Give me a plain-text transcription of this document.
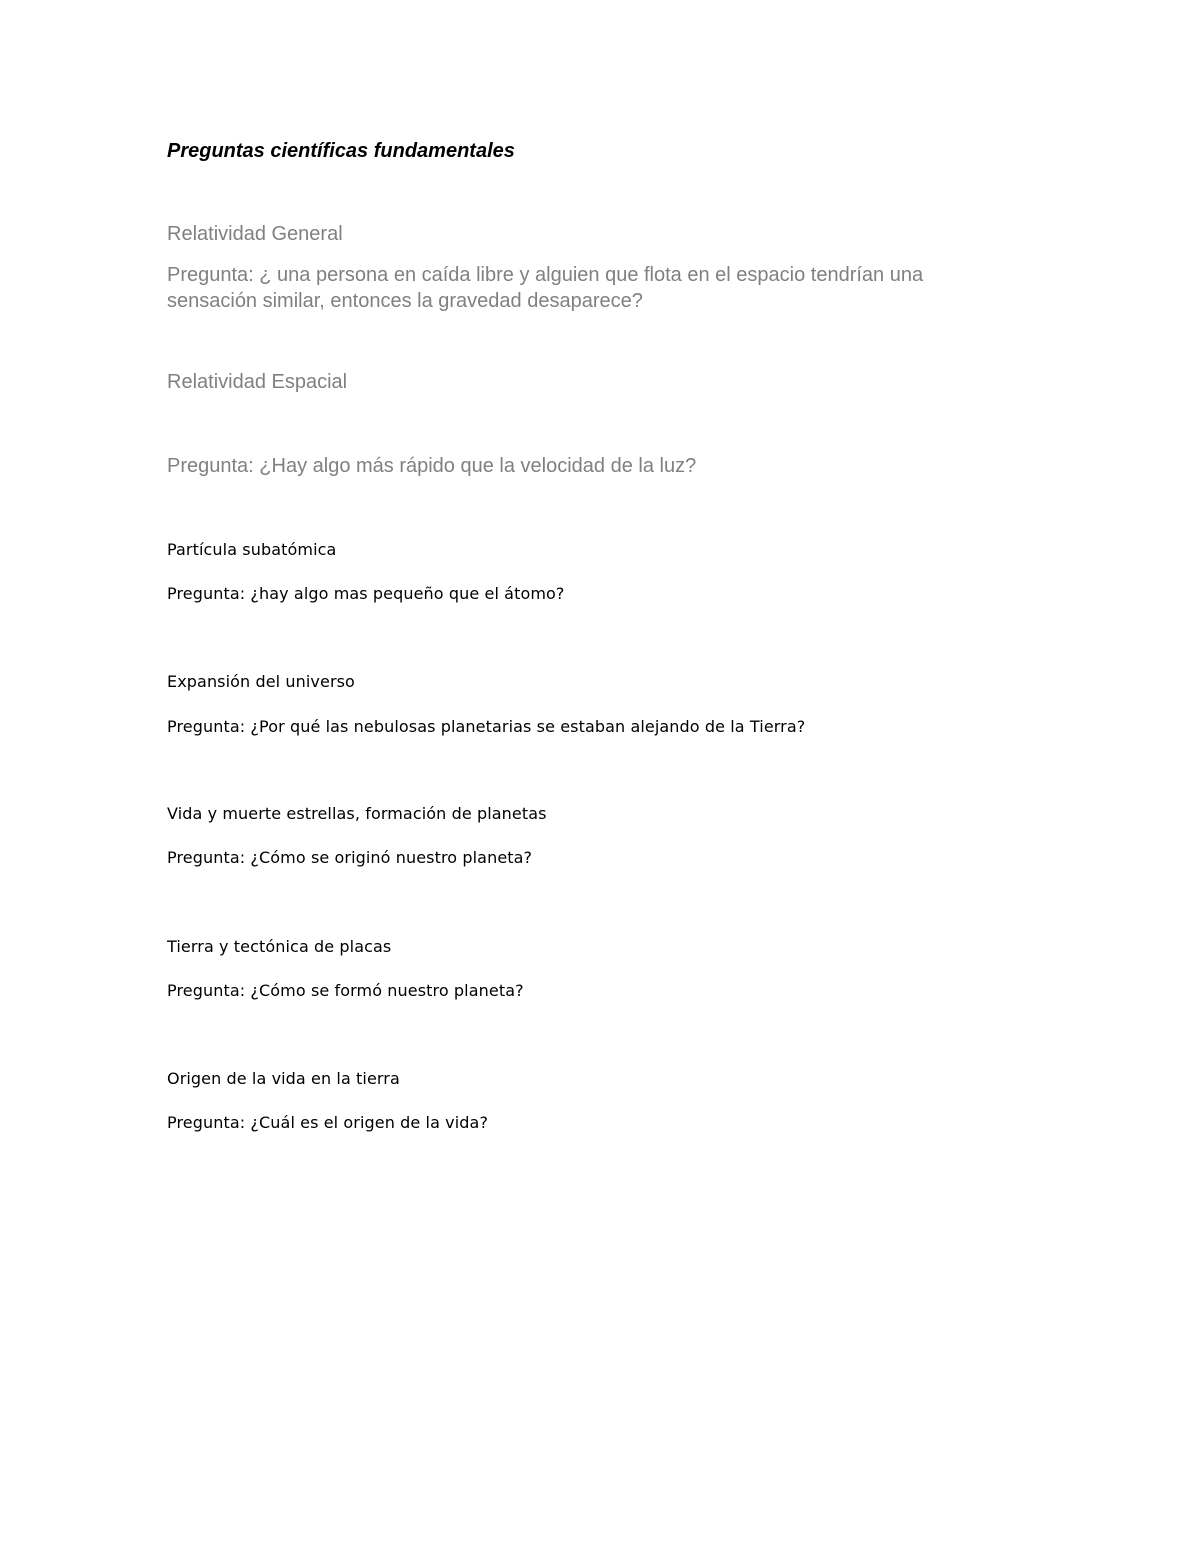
Preguntas científicas fundamentales

Relatividad General

Pregunta: ¿ una persona en caída libre y alguien que flota en el espacio tendrían una sensación similar, entonces la gravedad desaparece?

Relatividad Espacial

Pregunta: ¿Hay algo más rápido que la velocidad de la luz?

Partícula subatómica

Pregunta: ¿hay algo mas pequeño que el átomo?

Expansión del universo

Pregunta: ¿Por qué las nebulosas planetarias se estaban alejando de la Tierra?

Vida y muerte estrellas, formación de planetas

Pregunta: ¿Cómo se originó nuestro planeta?

Tierra y tectónica de placas

Pregunta: ¿Cómo se formó nuestro planeta?

Origen de la vida en la tierra

Pregunta: ¿Cuál es el origen de la vida?
